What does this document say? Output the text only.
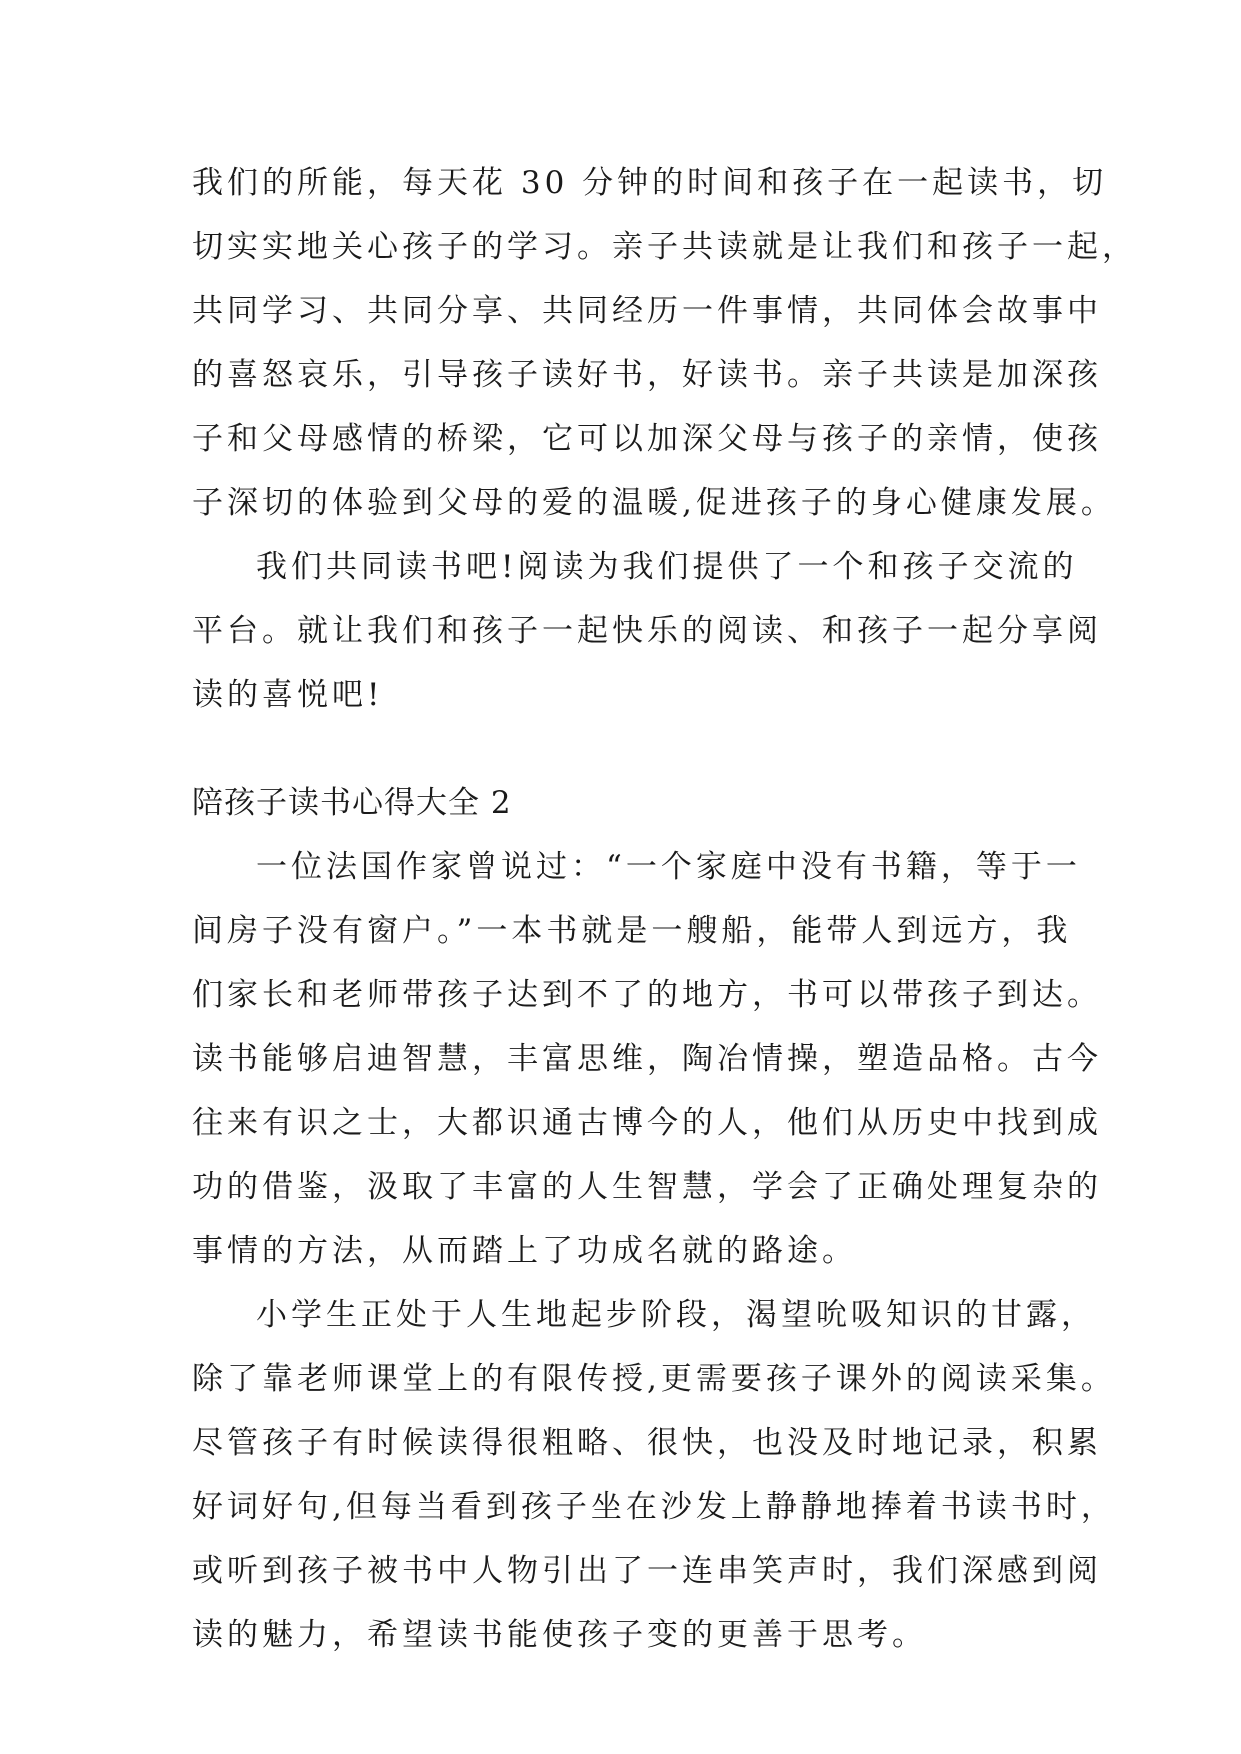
我们的所能，每天花 30 分钟的时间和孩子在一起读书，切
切实实地关心孩子的学习。亲子共读就是让我们和孩子一起，
共同学习、共同分享、共同经历一件事情，共同体会故事中
的喜怒哀乐，引导孩子读好书，好读书。亲子共读是加深孩
子和父母感情的桥梁，它可以加深父母与孩子的亲情，使孩
子深切的体验到父母的爱的温暖,促进孩子的身心健康发展。
我们共同读书吧!阅读为我们提供了一个和孩子交流的
平台。就让我们和孩子一起快乐的阅读、和孩子一起分享阅
读的喜悦吧!
陪孩子读书心得大全 2
一位法国作家曾说过：“一个家庭中没有书籍，等于一
间房子没有窗户。”一本书就是一艘船，能带人到远方，我
们家长和老师带孩子达到不了的地方，书可以带孩子到达。
读书能够启迪智慧，丰富思维，陶冶情操，塑造品格。古今
往来有识之士，大都识通古博今的人，他们从历史中找到成
功的借鉴，汲取了丰富的人生智慧，学会了正确处理复杂的
事情的方法，从而踏上了功成名就的路途。
小学生正处于人生地起步阶段，渴望吮吸知识的甘露，
除了靠老师课堂上的有限传授,更需要孩子课外的阅读采集。
尽管孩子有时候读得很粗略、很快，也没及时地记录，积累
好词好句,但每当看到孩子坐在沙发上静静地捧着书读书时，
或听到孩子被书中人物引出了一连串笑声时，我们深感到阅
读的魅力，希望读书能使孩子变的更善于思考。
